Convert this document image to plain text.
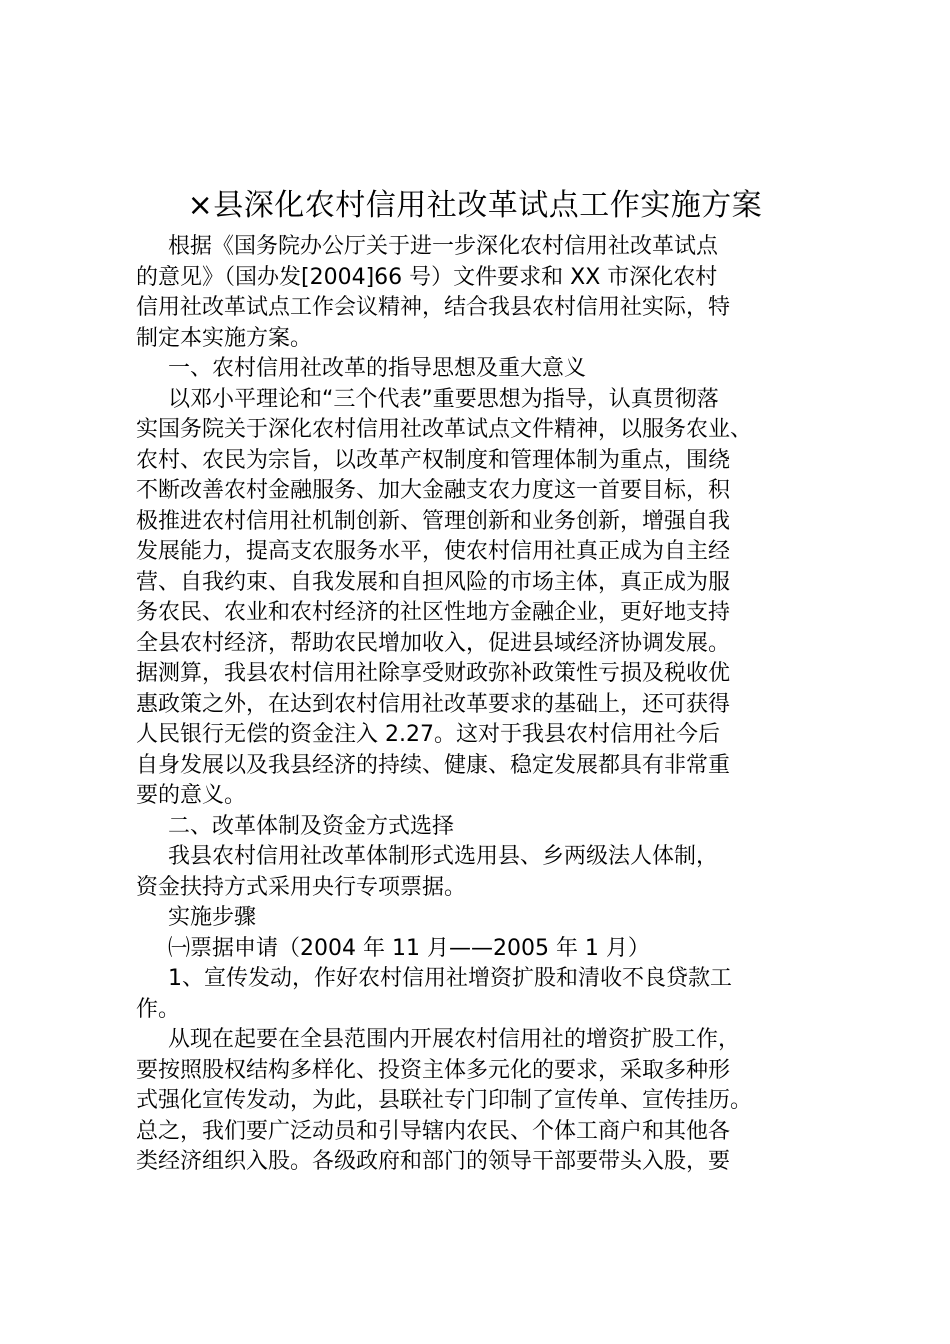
×县深化农村信用社改革试点工作实施方案
根据《国务院办公厅关于进一步深化农村信用社改革试点
的意见》（国办发[2004]66 号）文件要求和 XX 市深化农村
信用社改革试点工作会议精神，结合我县农村信用社实际，特
制定本实施方案。
一、农村信用社改革的指导思想及重大意义
以邓小平理论和“三个代表”重要思想为指导，认真贯彻落
实国务院关于深化农村信用社改革试点文件精神，以服务农业、
农村、农民为宗旨，以改革产权制度和管理体制为重点，围绕
不断改善农村金融服务、加大金融支农力度这一首要目标，积
极推进农村信用社机制创新、管理创新和业务创新，增强自我
发展能力，提高支农服务水平，使农村信用社真正成为自主经
营、自我约束、自我发展和自担风险的市场主体，真正成为服
务农民、农业和农村经济的社区性地方金融企业，更好地支持
全县农村经济，帮助农民增加收入，促进县域经济协调发展。
据测算，我县农村信用社除享受财政弥补政策性亏损及税收优
惠政策之外，在达到农村信用社改革要求的基础上，还可获得
人民银行无偿的资金注入 2.27。这对于我县农村信用社今后
自身发展以及我县经济的持续、健康、稳定发展都具有非常重
要的意义。
二、改革体制及资金方式选择
我县农村信用社改革体制形式选用县、乡两级法人体制，
资金扶持方式采用央行专项票据。
实施步骤
㈠票据申请（2004 年 11 月——2005 年 1 月）
1、宣传发动，作好农村信用社增资扩股和清收不良贷款工
作。
从现在起要在全县范围内开展农村信用社的增资扩股工作，
要按照股权结构多样化、投资主体多元化的要求，采取多种形
式强化宣传发动，为此，县联社专门印制了宣传单、宣传挂历。
总之，我们要广泛动员和引导辖内农民、个体工商户和其他各
类经济组织入股。各级政府和部门的领导干部要带头入股，要
